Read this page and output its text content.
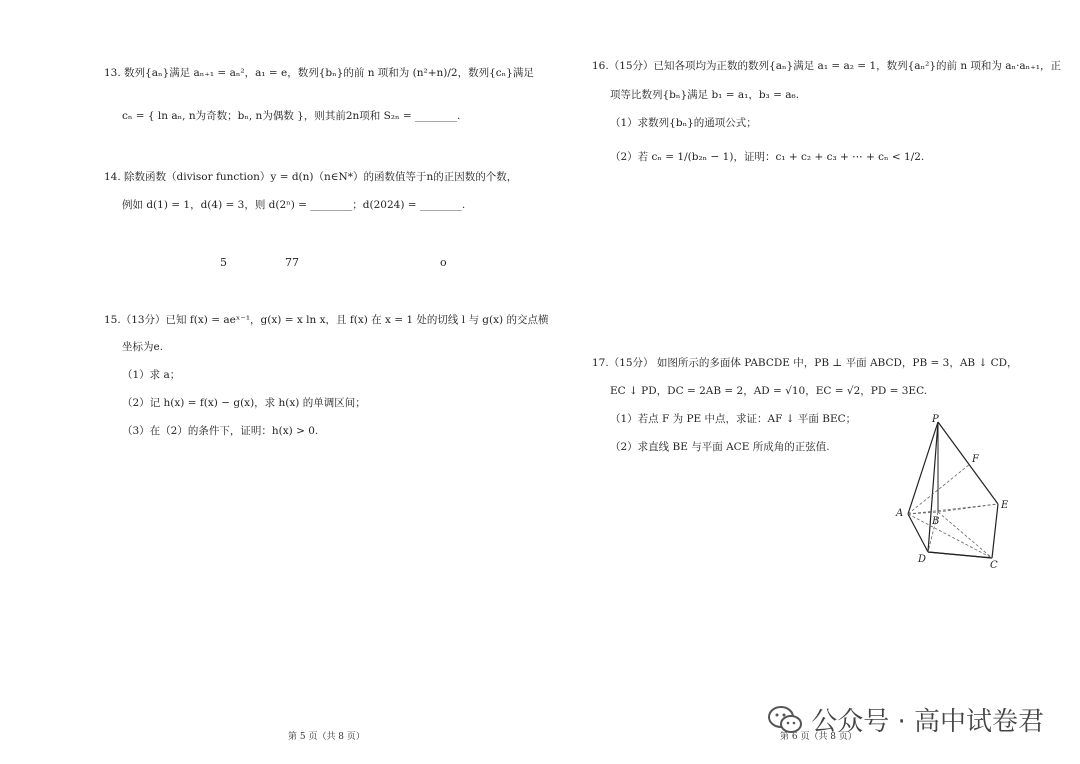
13. 数列{aₙ}满足 aₙ₊₁ = aₙ²，a₁ = e，数列{bₙ}的前 n 项和为 (n²+n)/2，数列{cₙ}满足
cₙ = { ln aₙ, n为奇数；bₙ, n为偶数 }，则其前2n项和 S₂ₙ = ________.
14. 除数函数（divisor function）y = d(n)（n∈N*）的函数值等于n的正因数的个数，
例如 d(1) = 1，d(4) = 3，则 d(2ⁿ) = ________；d(2024) = ________.
5	77	o
15.（13分）已知 f(x) = aeˣ⁻¹，g(x) = x ln x，且 f(x) 在 x = 1 处的切线 l 与 g(x) 的交点横
坐标为e.
（1）求 a；
（2）记 h(x) = f(x) − g(x)，求 h(x) 的单调区间；
（3）在（2）的条件下，证明：h(x) > 0.
第 5 页（共 8 页）
16.（15分）已知各项均为正数的数列{aₙ}满足 a₁ = a₂ = 1，数列{aₙ²}的前 n 项和为 aₙ·aₙ₊₁，正
项等比数列{bₙ}满足 b₁ = a₁，b₃ = a₆.
（1）求数列{bₙ}的通项公式；
（2）若 cₙ = 1/(b₂ₙ − 1)，证明：c₁ + c₂ + c₃ + ⋯ + cₙ < 1/2.
17.（15分） 如图所示的多面体 PABCDE 中，PB ⊥ 平面 ABCD，PB = 3，AB ↓ CD，
EC ↓ PD，DC = 2AB = 2，AD = √10，EC = √2，PD = 3EC.
（1）若点 F 为 PE 中点，求证：AF ↓ 平面 BEC；
（2）求直线 BE 与平面 ACE 所成角的正弦值.
第 6 页（共 8 页）
P
F
A
B
E
D
C
公众号 · 高中试卷君
